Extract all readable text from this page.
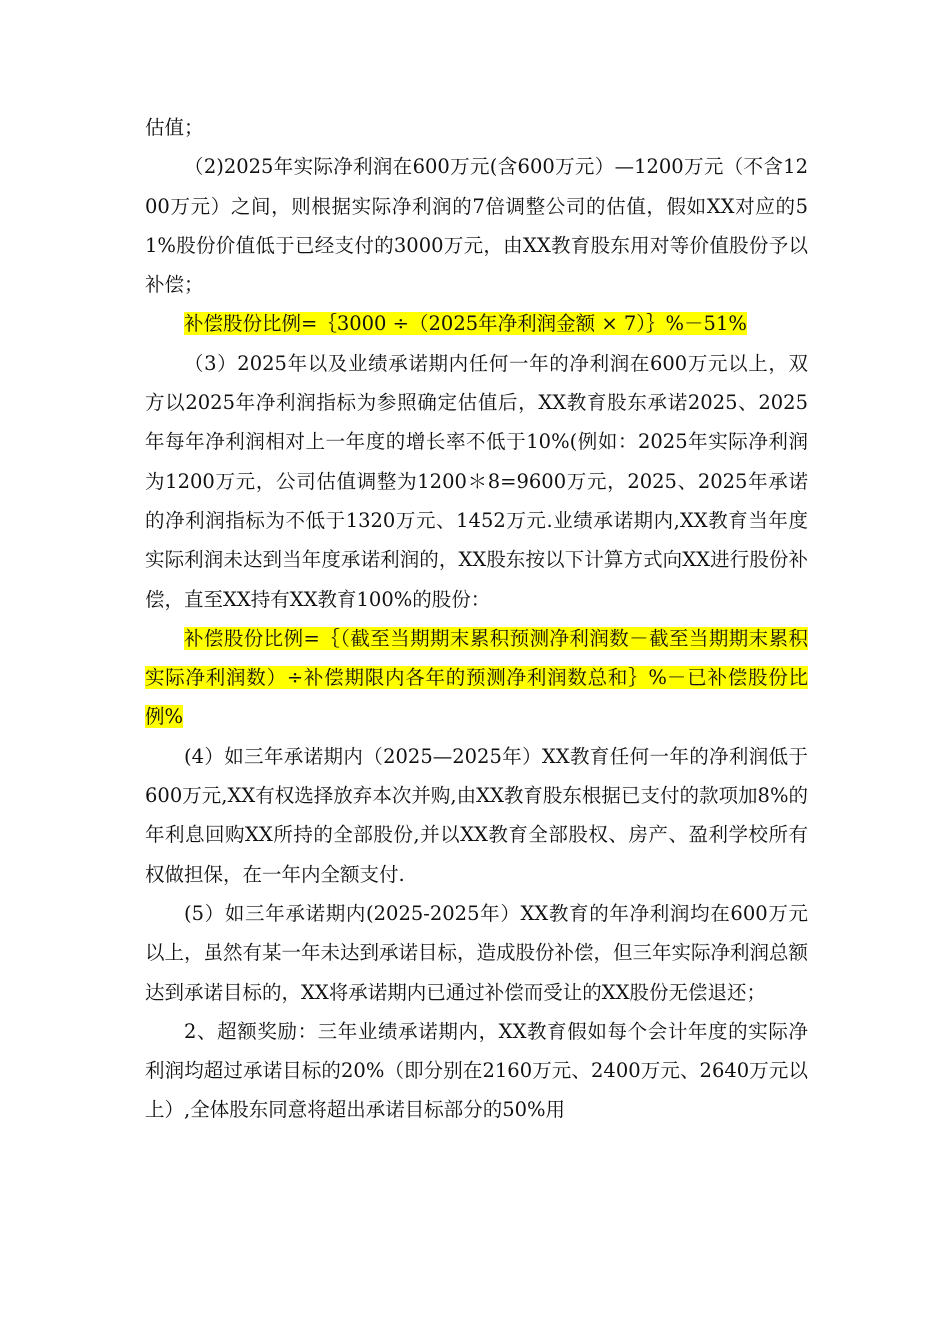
估值；

（2)2025年实际净利润在600万元(含600万元）—1200万元（不含1200万元）之间，则根据实际净利润的7倍调整公司的估值，假如XX对应的51%股份价值低于已经支付的3000万元，由XX教育股东用对等价值股份予以补偿；

补偿股份比例=｛3000 ÷（2025年净利润金额 × 7）｝%－51%

（3）2025年以及业绩承诺期内任何一年的净利润在600万元以上，双方以2025年净利润指标为参照确定估值后，XX教育股东承诺2025、2025年每年净利润相对上一年度的增长率不低于10%(例如：2025年实际净利润为1200万元，公司估值调整为1200＊8=9600万元，2025、2025年承诺的净利润指标为不低于1320万元、1452万元.业绩承诺期内,XX教育当年度实际利润未达到当年度承诺利润的，XX股东按以下计算方式向XX进行股份补偿，直至XX持有XX教育100%的股份：

补偿股份比例=｛（截至当期期末累积预测净利润数－截至当期期末累积实际净利润数）÷补偿期限内各年的预测净利润数总和｝%－已补偿股份比例%

(4）如三年承诺期内（2025—2025年）XX教育任何一年的净利润低于600万元,XX有权选择放弃本次并购,由XX教育股东根据已支付的款项加8%的年利息回购XX所持的全部股份,并以XX教育全部股权、房产、盈利学校所有权做担保，在一年内全额支付.

(5）如三年承诺期内(2025-2025年）XX教育的年净利润均在600万元以上，虽然有某一年未达到承诺目标，造成股份补偿，但三年实际净利润总额达到承诺目标的，XX将承诺期内已通过补偿而受让的XX股份无偿退还；

2、超额奖励：三年业绩承诺期内，XX教育假如每个会计年度的实际净利润均超过承诺目标的20%（即分别在2160万元、2400万元、2640万元以上）,全体股东同意将超出承诺目标部分的50%用
